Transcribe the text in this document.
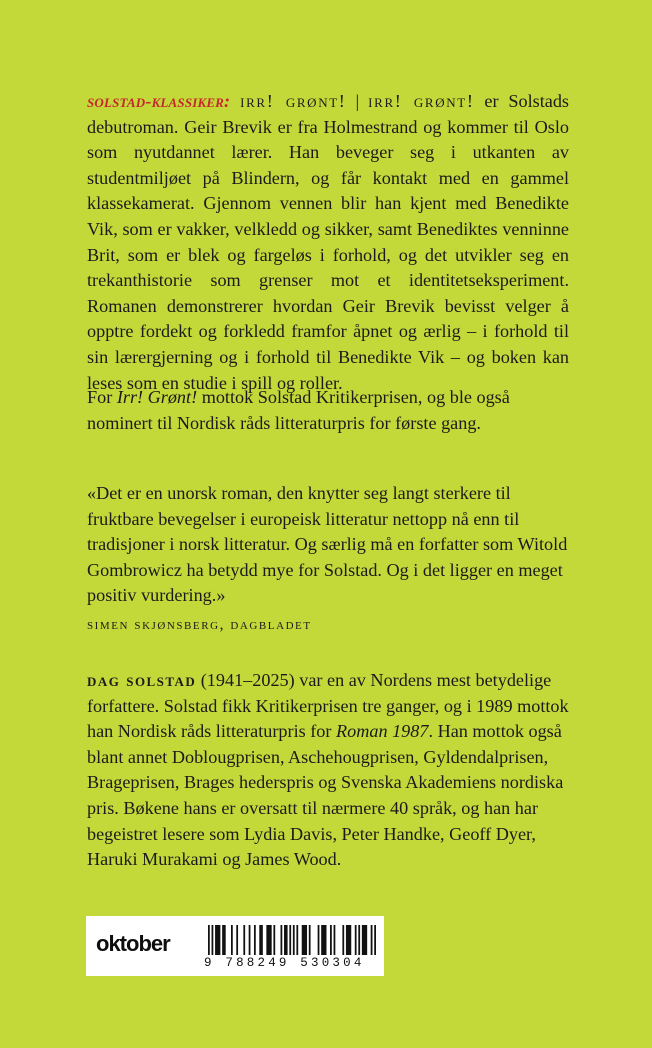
solstad-klassiker: irr! grønt! | irr! grønt! er Solstads debutroman. Geir Brevik er fra Holmestrand og kommer til Oslo som nyutdannet lærer. Han beveger seg i utkanten av studentmiljøet på Blindern, og får kontakt med en gammel klassekamerat. Gjennom vennen blir han kjent med Benedikte Vik, som er vakker, velkledd og sikker, samt Benediktes venninne Brit, som er blek og fargeløs i forhold, og det utvikler seg en trekanthistorie som grenser mot et identitetseksperiment. Romanen demonstrerer hvordan Geir Brevik bevisst velger å opptre fordekt og forkledd framfor åpnet og ærlig – i forhold til sin lærergjerning og i forhold til Benedikte Vik – og boken kan leses som en studie i spill og roller.
For Irr! Grønt! mottok Solstad Kritikerprisen, og ble også nominert til Nordisk råds litteraturpris for første gang.
«Det er en unorsk roman, den knytter seg langt sterkere til fruktbare bevegelser i europeisk litteratur nettopp nå enn til tradisjoner i norsk litteratur. Og særlig må en forfatter som Witold Gombrowicz ha betydd mye for Solstad. Og i det ligger en meget positiv vurdering.»
simen skjønsberg, dagbladet
dag solstad (1941–2025) var en av Nordens mest betydelige forfattere. Solstad fikk Kritikerprisen tre ganger, og i 1989 mottok han Nordisk råds litteraturpris for Roman 1987. Han mottok også blant annet Doblougprisen, Aschehougprisen, Gyldendalprisen, Brageprisen, Brages hederspris og Svenska Akademiens nordiska pris. Bøkene hans er oversatt til nærmere 40 språk, og han har begeistret lesere som Lydia Davis, Peter Handke, Geoff Dyer, Haruki Murakami og James Wood.
oktober
9 788249 530304
